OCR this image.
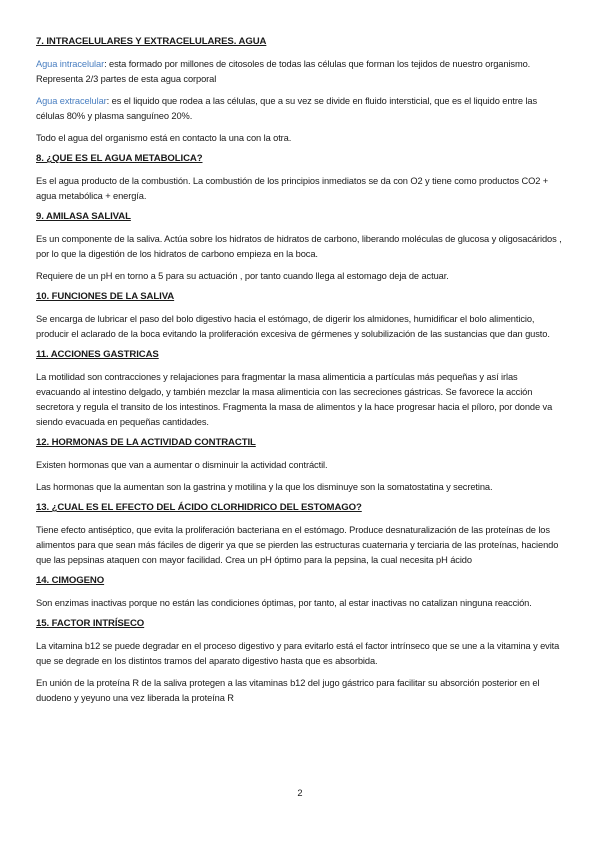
7. INTRACELULARES Y EXTRACELULARES. AGUA

Agua intracelular: esta formado por millones de citosoles de todas las células que forman los tejidos de nuestro organismo. Representa 2/3 partes de esta agua corporal

Agua extracelular: es el liquido que rodea a las células, que a su vez se divide en fluido intersticial, que es el liquido entre las células 80% y plasma sanguíneo 20%.

Todo el agua del organismo está en contacto la una con la otra.

8. ¿QUE ES EL AGUA METABOLICA?

Es el agua producto de la combustión. La combustión de los principios inmediatos se da con O2 y tiene como productos CO2 + agua metabólica + energía.

9. AMILASA SALIVAL

Es un componente de la saliva. Actúa sobre los hidratos de hidratos de carbono, liberando moléculas de glucosa y oligosacáridos , por lo que la digestión de los hidratos de carbono empieza en la boca.

Requiere de un pH en torno a 5 para su actuación , por tanto cuando llega al estomago deja de actuar.

10. FUNCIONES DE LA SALIVA

Se encarga de lubricar el paso del bolo digestivo hacia el estómago, de digerir los almidones, humidificar el bolo alimenticio, producir el aclarado de la boca evitando la proliferación excesiva de gérmenes y solubilización de las sustancias que dan gusto.

11. ACCIONES GASTRICAS

La motilidad son contracciones y relajaciones para fragmentar la masa alimenticia a partículas más pequeñas y así irlas evacuando al intestino delgado, y también mezclar la masa alimenticia con las secreciones gástricas. Se favorece la acción secretora y regula el transito de los intestinos. Fragmenta la masa de alimentos y la hace progresar hacia el píloro, por donde va siendo evacuada en pequeñas cantidades.

12. HORMONAS DE LA ACTIVIDAD CONTRACTIL

Existen hormonas que van a aumentar o disminuir la actividad contráctil.

Las hormonas que la aumentan son la gastrina y motilina y la que los disminuye son la somatostatina y secretina.

13. ¿CUAL ES EL EFECTO DEL ÁCIDO CLORHIDRICO DEL ESTOMAGO?

Tiene efecto antiséptico, que evita la proliferación bacteriana en el estómago. Produce desnaturalización de las proteínas de los alimentos para que sean más fáciles de digerir ya que se pierden las estructuras cuaternaria y terciaria de las proteínas, haciendo que las pepsinas ataquen con mayor facilidad. Crea un pH óptimo para la pepsina, la cual necesita pH ácido

14. CIMOGENO

Son enzimas inactivas porque no están las condiciones óptimas, por tanto, al estar inactivas no catalizan ninguna reacción.

15. FACTOR INTRÍSECO

La vitamina b12 se puede degradar en el proceso digestivo y para evitarlo está el factor intrínseco que se une a la vitamina y evita que se degrade en los distintos tramos del aparato digestivo hasta que es absorbida.

En unión de la proteína R de la saliva protegen a las vitaminas b12 del jugo gástrico para facilitar su absorción posterior en el duodeno y yeyuno una vez liberada la proteína R

2
